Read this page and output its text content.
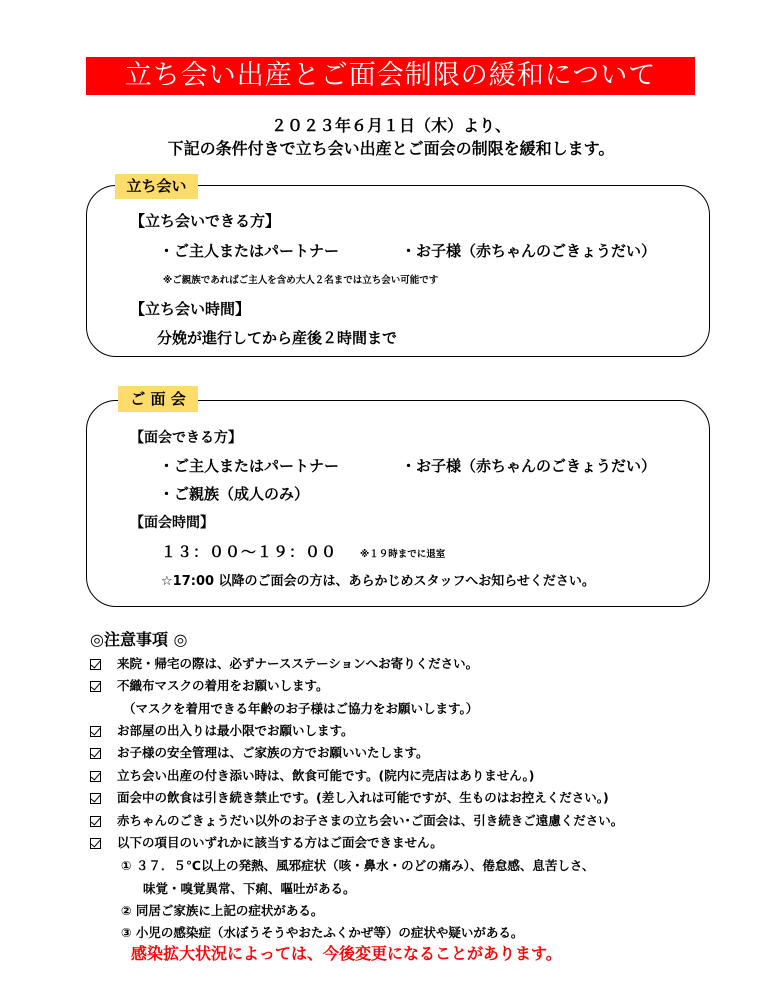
立ち会い出産とご面会制限の緩和について
２０２３年６月１日（木）より、
下記の条件付きで立ち会い出産とご面会の制限を緩和します。
立ち会い
【立ち会いできる方】
・ご主人またはパートナー	・お子様（赤ちゃんのごきょうだい）
※ご親族であればご主人を含め大人２名までは立ち会い可能です
【立ち会い時間】
分娩が進行してから産後２時間まで
ご 面 会
【面会できる方】
・ご主人またはパートナー	・お子様（赤ちゃんのごきょうだい）
・ご親族（成人のみ）
【面会時間】
１３：００～１９：００ ※１９時までに退室
☆17:00 以降のご面会の方は、あらかじめスタッフへお知らせください。
◎注意事項 ◎
来院・帰宅の際は、必ずナースステーションへお寄りください。
不織布マスクの着用をお願いします。
（マスクを着用できる年齢のお子様はご協力をお願いします。）
お部屋の出入りは最小限でお願いします。
お子様の安全管理は、ご家族の方でお願いいたします。
立ち会い出産の付き添い時は、飲食可能です。(院内に売店はありません。)
面会中の飲食は引き続き禁止です。(差し入れは可能ですが、生ものはお控えください。)
赤ちゃんのごきょうだい以外のお子さまの立ち会い･ご面会は、引き続きご遠慮ください。
以下の項目のいずれかに該当する方はご面会できません。
① ３７．５℃以上の発熱、風邪症状（咳・鼻水・のどの痛み）、倦怠感、息苦しさ、
味覚・嗅覚異常、下痢、嘔吐がある。
② 同居ご家族に上記の症状がある。
③ 小児の感染症（水ぼうそうやおたふくかぜ等）の症状や疑いがある。
感染拡大状況によっては、今後変更になることがあります。
